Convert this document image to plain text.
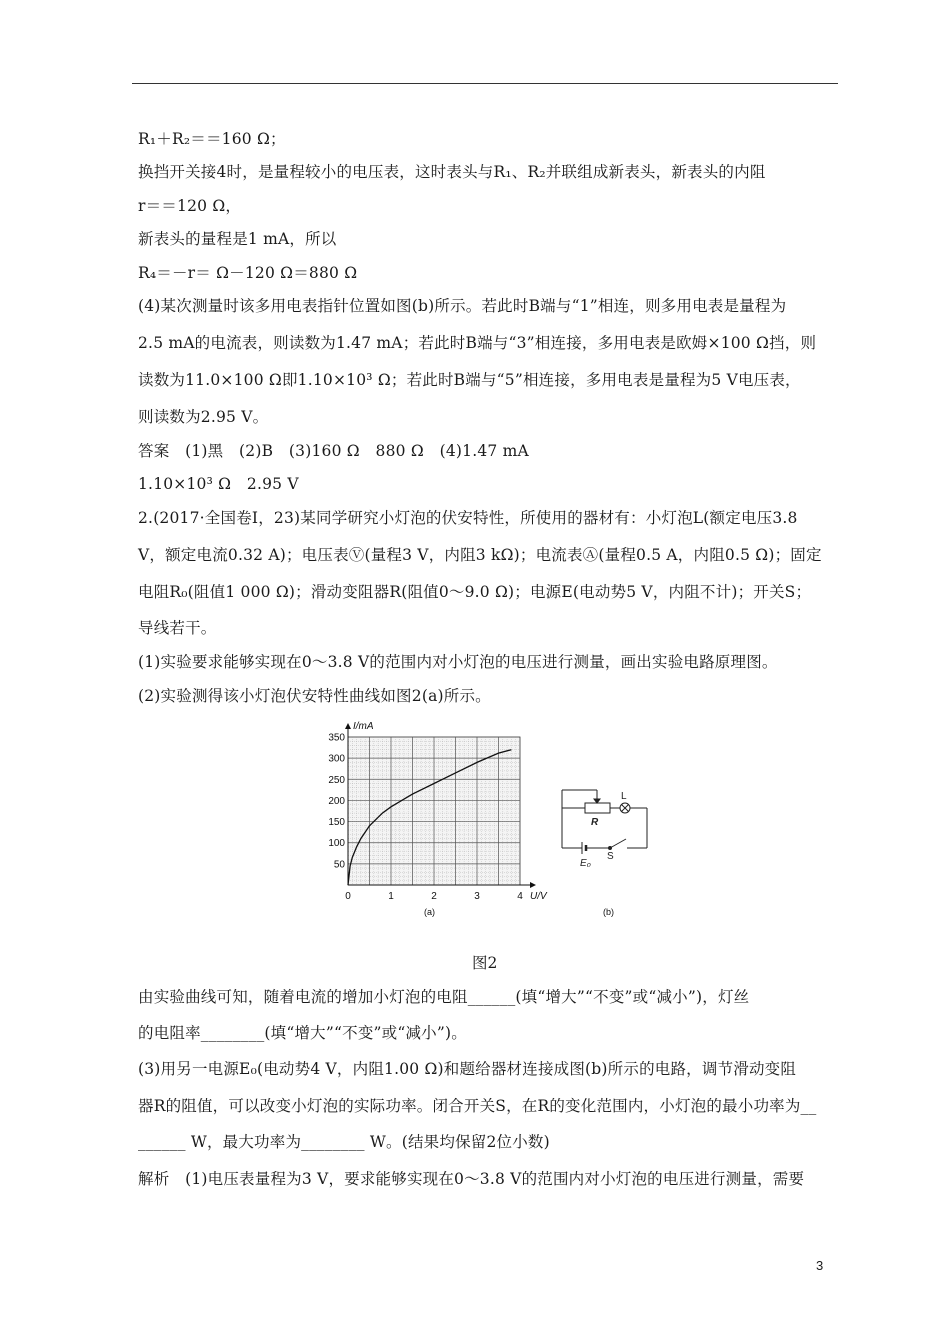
R₁＋R₂＝＝160 Ω；
换挡开关接4时，是量程较小的电压表，这时表头与R₁、R₂并联组成新表头，新表头的内阻
r＝＝120 Ω，
新表头的量程是1 mA，所以
R₄＝－r＝ Ω－120 Ω＝880 Ω
(4)某次测量时该多用电表指针位置如图(b)所示。若此时B端与“1”相连，则多用电表是量程为
2.5 mA的电流表，则读数为1.47 mA；若此时B端与“3”相连接，多用电表是欧姆×100 Ω挡，则
读数为11.0×100 Ω即1.10×10³ Ω；若此时B端与“5”相连接，多用电表是量程为5 V电压表，
则读数为2.95 V。
答案　(1)黑　(2)B　(3)160 Ω　880 Ω　(4)1.47 mA
1.10×10³ Ω　2.95 V
2.(2017·全国卷Ⅰ，23)某同学研究小灯泡的伏安特性，所使用的器材有：小灯泡L(额定电压3.8
V，额定电流0.32 A)；电压表Ⓥ(量程3 V，内阻3 kΩ)；电流表Ⓐ(量程0.5 A，内阻0.5 Ω)；固定
电阻R₀(阻值1 000 Ω)；滑动变阻器R(阻值0～9.0 Ω)；电源E(电动势5 V，内阻不计)；开关S；
导线若干。
(1)实验要求能够实现在0～3.8 V的范围内对小灯泡的电压进行测量，画出实验电路原理图。
(2)实验测得该小灯泡伏安特性曲线如图2(a)所示。
0	1	2	3	4
50
100
150
200
250
300
350
U/V
I/mA
(a)	(b)
R
L
E₀
S
图2
由实验曲线可知，随着电流的增加小灯泡的电阻______(填“增大”“不变”或“减小”)，灯丝
的电阻率________(填“增大”“不变”或“减小”)。
(3)用另一电源E₀(电动势4 V，内阻1.00 Ω)和题给器材连接成图(b)所示的电路，调节滑动变阻
器R的阻值，可以改变小灯泡的实际功率。闭合开关S，在R的变化范围内，小灯泡的最小功率为__
______ W，最大功率为________ W。(结果均保留2位小数)
解析　(1)电压表量程为3 V，要求能够实现在0～3.8 V的范围内对小灯泡的电压进行测量，需要
3
